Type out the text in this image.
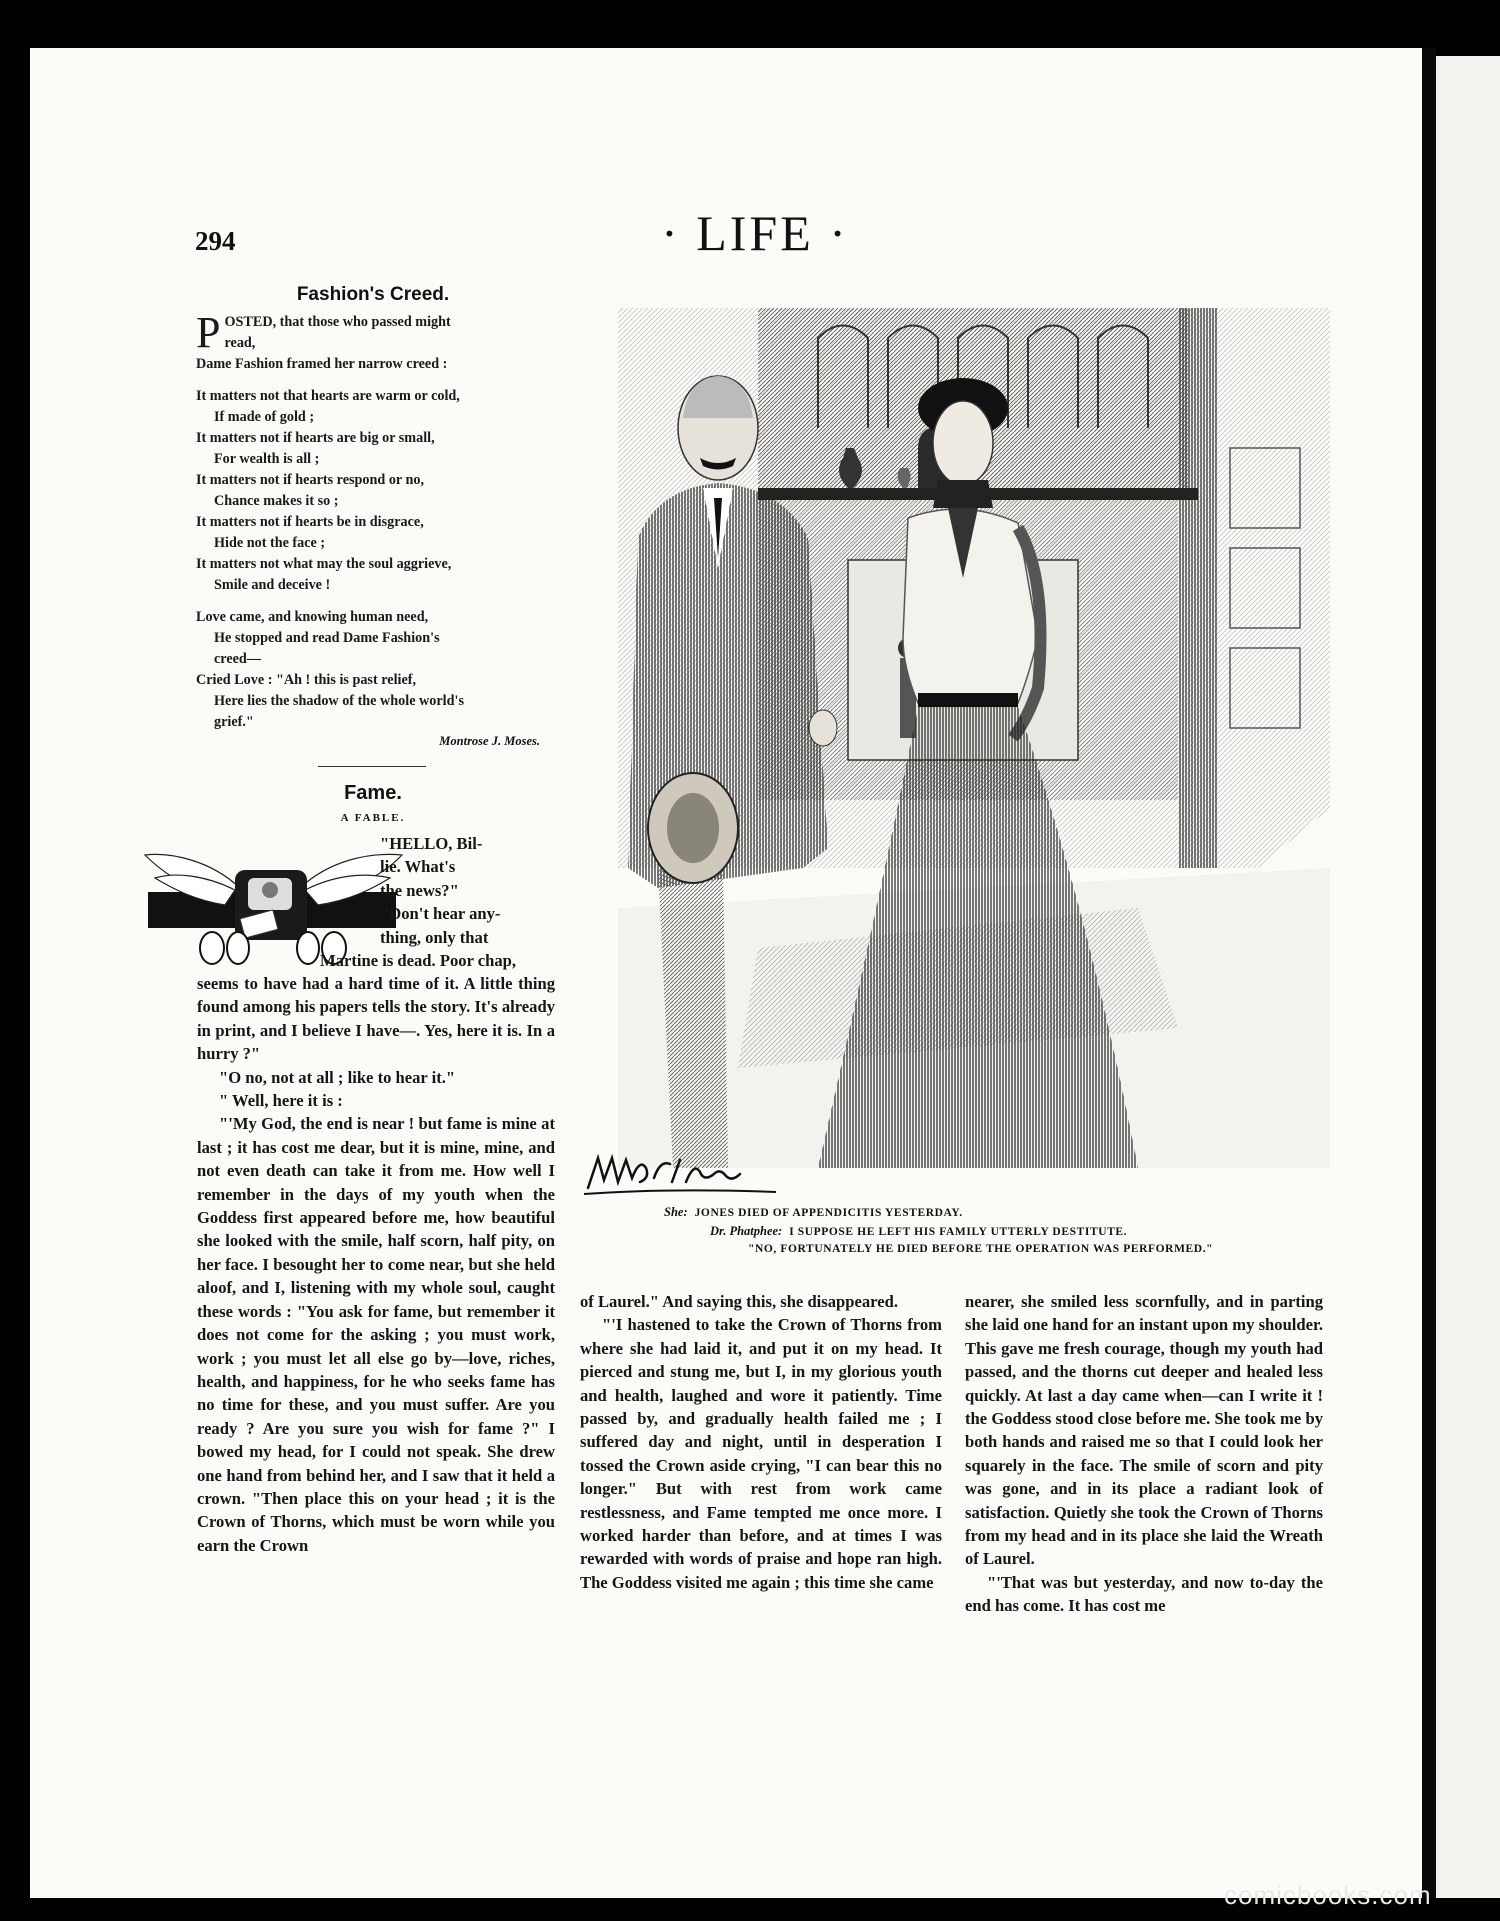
294	· LIFE ·
Fashion's Creed.
P OSTED, that those who passed might
read,
Dame Fashion framed her narrow creed :
It matters not that hearts are warm or cold,
If made of gold ;
It matters not if hearts are big or small,
For wealth is all ;
It matters not if hearts respond or no,
Chance makes it so ;
It matters not if hearts be in disgrace,
Hide not the face ;
It matters not what may the soul aggrieve,
Smile and deceive !
Love came, and knowing human need,
He stopped and read Dame Fashion's
creed—
Cried Love : "Ah ! this is past relief,
Here lies the shadow of the whole world's
grief."
Montrose J. Moses.
Fame.
A FABLE.
"HELLO, Bil-
lie. What's
the news?"
"Don't hear any-
thing, only that
Martine is dead. Poor chap,

seems to have had a hard time of it. A little thing found among his papers tells the story. It's already in print, and I believe I have—. Yes, here it is. In a hurry ?"

"O no, not at all ; like to hear it."

" Well, here it is :

"'My God, the end is near ! but fame is mine at last ; it has cost me dear, but it is mine, mine, and not even death can take it from me. How well I remember in the days of my youth when the Goddess first appeared before me, how beautiful she looked with the smile, half scorn, half pity, on her face. I besought her to come near, but she held aloof, and I, listening with my whole soul, caught these words : "You ask for fame, but remember it does not come for the asking ; you must work, work ; you must let all else go by—love, riches, health, and happiness, for he who seeks fame has no time for these, and you must suffer. Are you ready ? Are you sure you wish for fame ?" I bowed my head, for I could not speak. She drew one hand from behind her, and I saw that it held a crown. "Then place this on your head ; it is the Crown of Thorns, which must be worn while you earn the Crown

of Laurel." And saying this, she disappeared.

"'I hastened to take the Crown of Thorns from where she had laid it, and put it on my head. It pierced and stung me, but I, in my glorious youth and health, laughed and wore it patiently. Time passed by, and gradually health failed me ; I suffered day and night, until in desperation I tossed the Crown aside crying, "I can bear this no longer." But with rest from work came restlessness, and Fame tempted me once more. I worked harder than before, and at times I was rewarded with words of praise and hope ran high. The Goddess visited me again ; this time she came

nearer, she smiled less scornfully, and in parting she laid one hand for an instant upon my shoulder. This gave me fresh courage, though my youth had passed, and the thorns cut deeper and healed less quickly. At last a day came when—can I write it ! the Goddess stood close before me. She took me by both hands and raised me so that I could look her squarely in the face. The smile of scorn and pity was gone, and in its place a radiant look of satisfaction. Quietly she took the Crown of Thorns from my head and in its place she laid the Wreath of Laurel.

"'That was but yesterday, and now to-day the end has come. It has cost me

She: JONES DIED OF APPENDICITIS YESTERDAY.
Dr. Phatphee: I SUPPOSE HE LEFT HIS FAMILY UTTERLY DESTITUTE.
"NO, FORTUNATELY HE DIED BEFORE THE OPERATION WAS PERFORMED."
comicbooks.com
